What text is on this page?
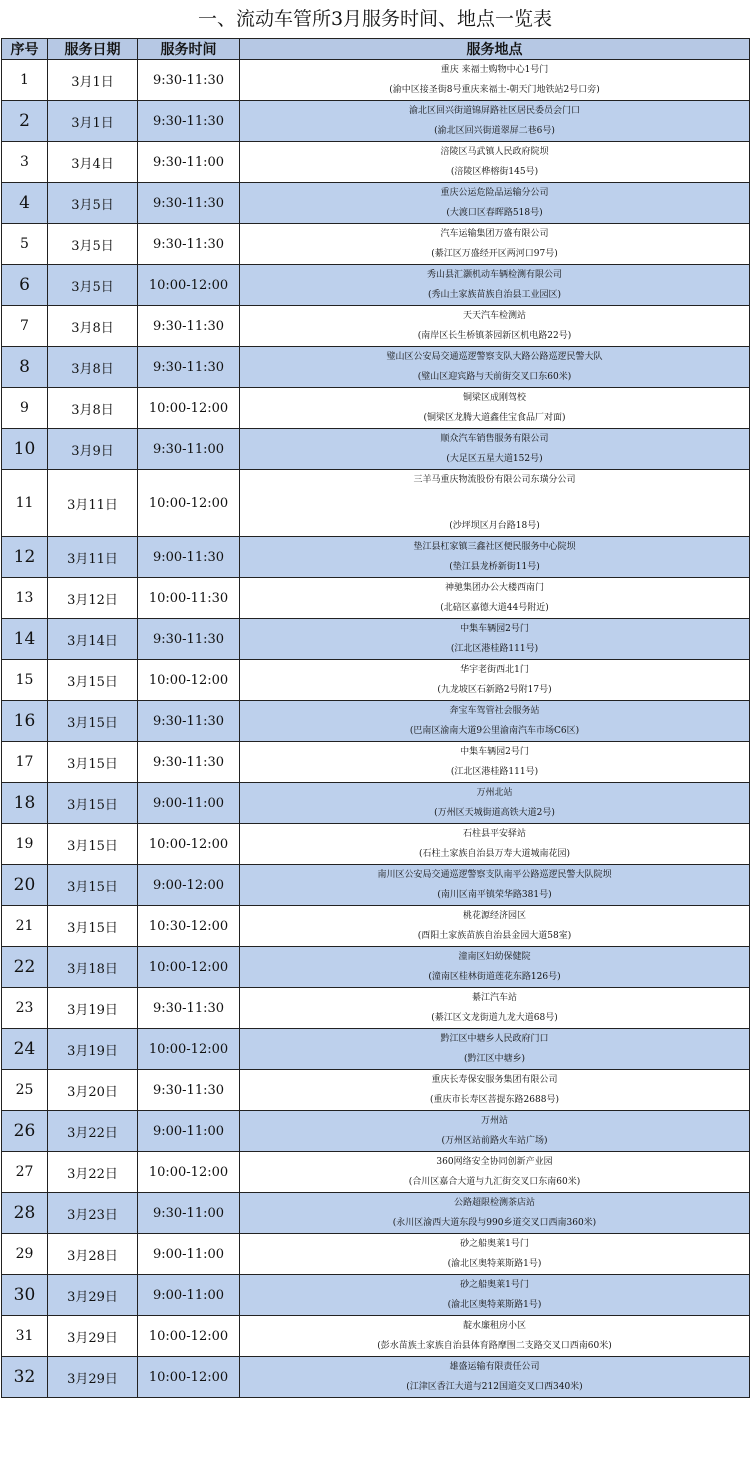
一、流动车管所3月服务时间、地点一览表
序号	服务日期	服务时间	服务地点
1	3月1日	9:30-11:30	重庆 来福士购物中心1号门
(渝中区接圣街8号重庆来福士-朝天门地铁站2号口旁)

2	3月1日	9:30-11:30	渝北区回兴街道锦屏路社区居民委员会门口
(渝北区回兴街道翠屏二巷6号)

3	3月4日	9:30-11:00	涪陵区马武镇人民政府院坝
(涪陵区桦榕街145号)

4	3月5日	9:30-11:30	重庆公运危险品运输分公司
(大渡口区春晖路518号)

5	3月5日	9:30-11:30	汽车运输集团万盛有限公司
(綦江区万盛经开区两河口97号)

6	3月5日	10:00-12:00	秀山县汇灏机动车辆检测有限公司
(秀山土家族苗族自治县工业园区)

7	3月8日	9:30-11:30	天天汽车检测站
(南岸区长生桥镇茶园新区机电路22号)

8	3月8日	9:30-11:30	璧山区公安局交通巡逻警察支队大路公路巡逻民警大队
(璧山区迎宾路与天前街交叉口东60米)

9	3月8日	10:00-12:00	铜梁区成刚驾校
(铜梁区龙腾大道鑫佳宝食品厂对面)

10	3月9日	9:30-11:00	顺众汽车销售服务有限公司
(大足区五星大道152号)

11	3月11日	10:00-12:00	三羊马重庆物流股份有限公司东璜分公司
(沙坪坝区月台路18号)

12	3月11日	9:00-11:30	垫江县杠家镇三鑫社区便民服务中心院坝
(垫江县龙桥新街11号)

13	3月12日	10:00-11:30	神驰集团办公大楼西南门
(北碚区嘉德大道44号附近)

14	3月14日	9:30-11:30	中集车辆园2号门
(江北区港桂路111号)

15	3月15日	10:00-12:00	华宇老街西北1门
(九龙坡区石新路2号附17号)

16	3月15日	9:30-11:30	奔宝车驾管社会服务站
(巴南区渝南大道9公里渝南汽车市场C6区)

17	3月15日	9:30-11:30	中集车辆园2号门
(江北区港桂路111号)

18	3月15日	9:00-11:00	万州北站
(万州区天城街道高铁大道2号)

19	3月15日	10:00-12:00	石柱县平安驿站
(石柱土家族自治县万寿大道城南花园)

20	3月15日	9:00-12:00	南川区公安局交通巡逻警察支队南平公路巡逻民警大队院坝
(南川区南平镇荣华路381号)

21	3月15日	10:30-12:00	桃花源经济园区
(酉阳土家族苗族自治县金园大道58室)

22	3月18日	10:00-12:00	潼南区妇幼保健院
(潼南区桂林街道莲花东路126号)

23	3月19日	9:30-11:30	綦江汽车站
(綦江区文龙街道九龙大道68号)

24	3月19日	10:00-12:00	黔江区中塘乡人民政府门口
(黔江区中塘乡)

25	3月20日	9:30-11:30	重庆长寿保安服务集团有限公司
(重庆市长寿区菩提东路2688号)

26	3月22日	9:00-11:00	万州站
(万州区站前路火车站广场)

27	3月22日	10:00-12:00	360网络安全协同创新产业园
(合川区嘉合大道与九汇街交叉口东南60米)

28	3月23日	9:30-11:00	公路超限检测茶店站
(永川区渝西大道东段与990乡道交叉口西南360米)

29	3月28日	9:00-11:00	砂之船奥莱1号门
(渝北区奥特莱斯路1号)

30	3月29日	9:00-11:00	砂之船奥莱1号门
(渝北区奥特莱斯路1号)

31	3月29日	10:00-12:00	靛水廉租房小区
(彭水苗族土家族自治县体育路摩围二支路交叉口西南60米)

32	3月29日	10:00-12:00	雄盛运输有限责任公司
(江津区香江大道与212国道交叉口西340米)
